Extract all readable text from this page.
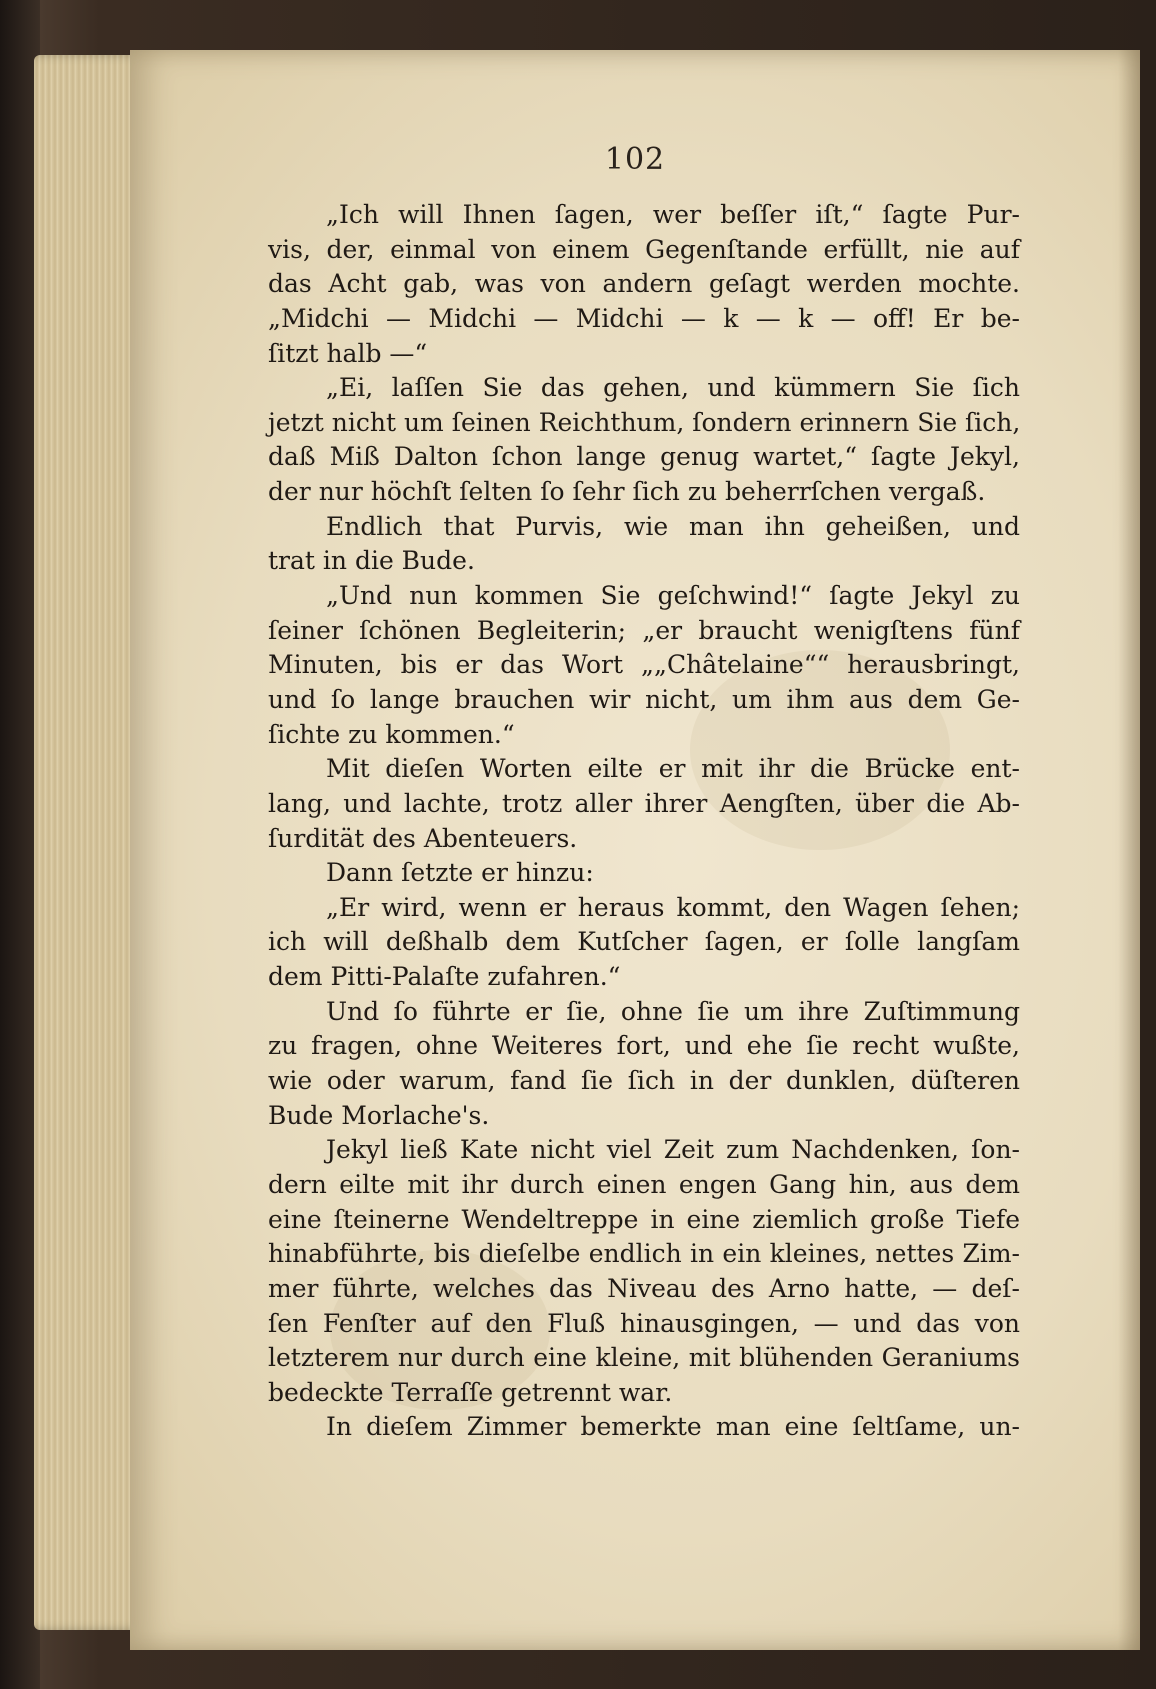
102
„Ich will Ihnen ſagen, wer beſſer iſt,“ ſagte Pur-
vis, der, einmal von einem Gegenſtande erfüllt, nie auf
das Acht gab, was von andern geſagt werden mochte.
„Midchi — Midchi — Midchi — k — k — off! Er be-
ſitzt halb —“
„Ei, laſſen Sie das gehen, und kümmern Sie ſich
jetzt nicht um ſeinen Reichthum, ſondern erinnern Sie ſich,
daß Miß Dalton ſchon lange genug wartet,“ ſagte Jekyl,
der nur höchſt ſelten ſo ſehr ſich zu beherrſchen vergaß.
Endlich that Purvis, wie man ihn geheißen, und
trat in die Bude.
„Und nun kommen Sie geſchwind!“ ſagte Jekyl zu
ſeiner ſchönen Begleiterin; „er braucht wenigſtens fünf
Minuten, bis er das Wort „„Châtelaine““ herausbringt,
und ſo lange brauchen wir nicht, um ihm aus dem Ge-
ſichte zu kommen.“
Mit dieſen Worten eilte er mit ihr die Brücke ent-
lang, und lachte, trotz aller ihrer Aengſten, über die Ab-
ſurdität des Abenteuers.
Dann ſetzte er hinzu:
„Er wird, wenn er heraus kommt, den Wagen ſehen;
ich will deßhalb dem Kutſcher ſagen, er ſolle langſam
dem Pitti-Palaſte zufahren.“
Und ſo führte er ſie, ohne ſie um ihre Zuſtimmung
zu fragen, ohne Weiteres fort, und ehe ſie recht wußte,
wie oder warum, fand ſie ſich in der dunklen, düſteren
Bude Morlache's.
Jekyl ließ Kate nicht viel Zeit zum Nachdenken, ſon-
dern eilte mit ihr durch einen engen Gang hin, aus dem
eine ſteinerne Wendeltreppe in eine ziemlich große Tiefe
hinabführte, bis dieſelbe endlich in ein kleines, nettes Zim-
mer führte, welches das Niveau des Arno hatte, — deſ-
ſen Fenſter auf den Fluß hinausgingen, — und das von
letzterem nur durch eine kleine, mit blühenden Geraniums
bedeckte Terraſſe getrennt war.
In dieſem Zimmer bemerkte man eine ſeltſame, un-
